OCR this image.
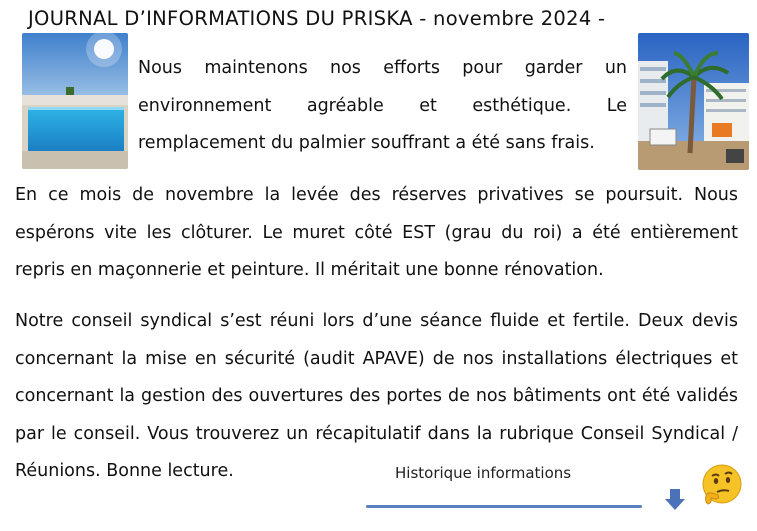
JOURNAL D’INFORMATIONS DU PRISKA - novembre 2024 -
Nous maintenons nos efforts pour garder un environnement agréable et esthétique. Le remplacement du palmier souffrant a été sans frais.
En ce mois de novembre la levée des réserves privatives se poursuit. Nous espérons vite les clôturer. Le muret côté EST (grau du roi) a été entièrement repris en maçonnerie et peinture. Il méritait une bonne rénovation.
Notre conseil syndical s’est réuni lors d’une séance fluide et fertile. Deux devis concernant la mise en sécurité (audit APAVE) de nos installations électriques et concernant la gestion des ouvertures des portes de nos bâtiments ont été validés par le conseil. Vous trouverez un récapitulatif dans la rubrique Conseil Syndical / Réunions. Bonne lecture.	Historique informations
